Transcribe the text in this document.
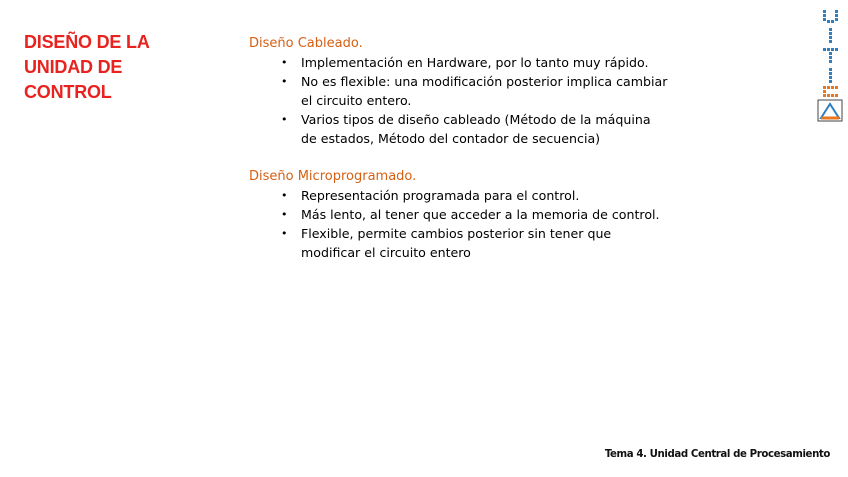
DISEÑO DE LA
UNIDAD DE
CONTROL

Diseño Cableado.

• Implementación en Hardware, por lo tanto muy rápido.
• No es flexible: una modificación posterior implica cambiar el circuito entero.
• Varios tipos de diseño cableado (Método de la máquina de estados, Método del contador de secuencia)

Diseño Microprogramado.

• Representación programada para el control.
• Más lento, al tener que acceder a la memoria de control.
• Flexible, permite cambios posterior sin tener que modificar el circuito entero
Tema 4. Unidad Central de Procesamiento
